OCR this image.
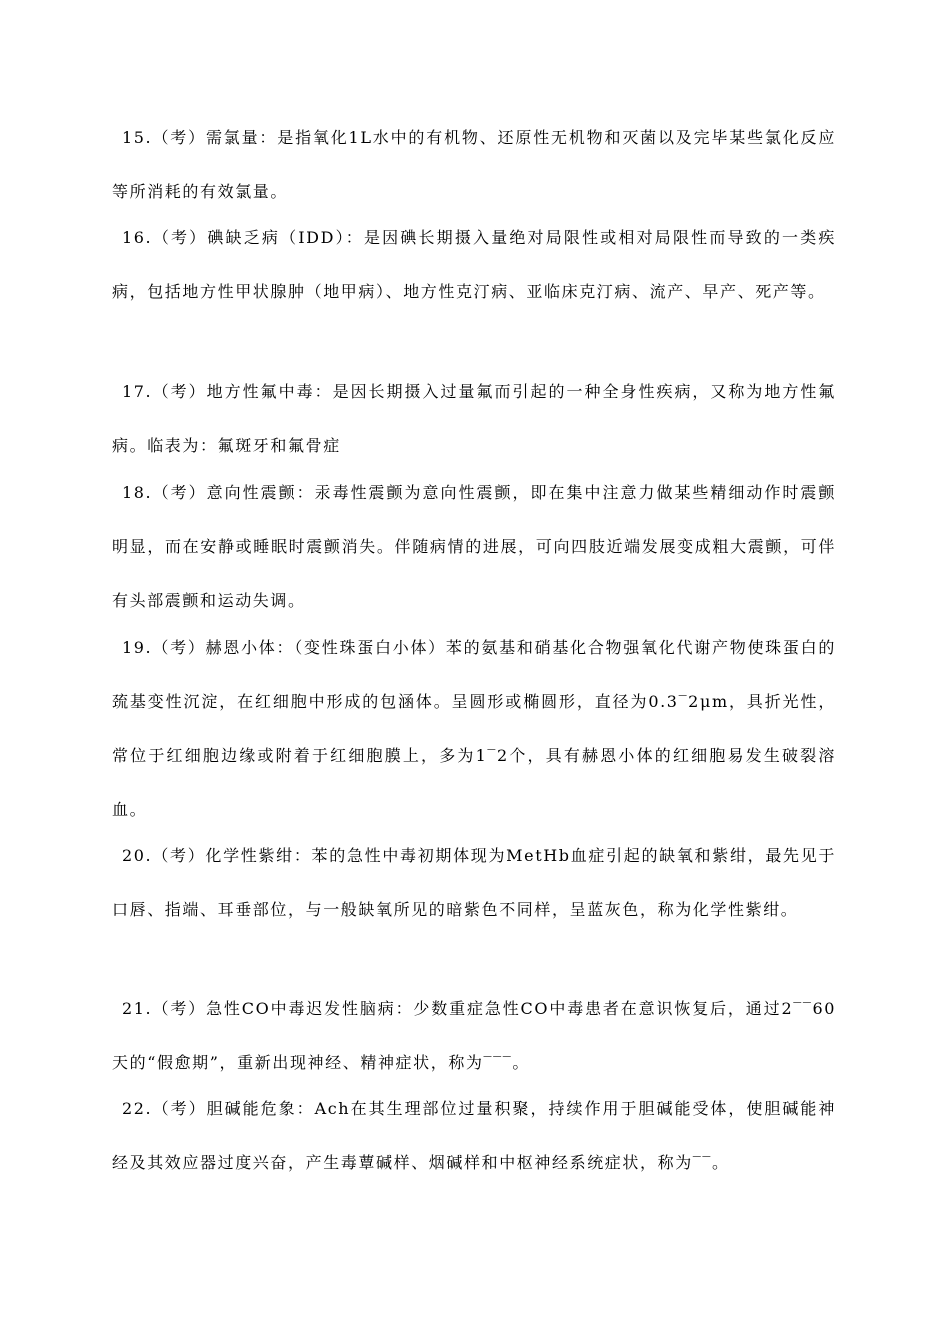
15.（考）需氯量：是指氧化1L水中的有机物、还原性无机物和灭菌以及完毕某些氯化反应等所消耗的有效氯量。

16.（考）碘缺乏病（IDD）：是因碘长期摄入量绝对局限性或相对局限性而导致的一类疾病，包括地方性甲状腺肿（地甲病）、地方性克汀病、亚临床克汀病、流产、早产、死产等。

17.（考）地方性氟中毒：是因长期摄入过量氟而引起的一种全身性疾病，又称为地方性氟病。临表为：氟斑牙和氟骨症

18.（考）意向性震颤：汞毒性震颤为意向性震颤，即在集中注意力做某些精细动作时震颤明显，而在安静或睡眠时震颤消失。伴随病情的进展，可向四肢近端发展变成粗大震颤，可伴有头部震颤和运动失调。

19.（考）赫恩小体：（变性珠蛋白小体）苯的氨基和硝基化合物强氧化代谢产物使珠蛋白的巯基变性沉淀，在红细胞中形成的包涵体。呈圆形或椭圆形，直径为0.3‾2μm，具折光性，常位于红细胞边缘或附着于红细胞膜上，多为1‾2个，具有赫恩小体的红细胞易发生破裂溶血。

20.（考）化学性紫绀：苯的急性中毒初期体现为MetHb血症引起的缺氧和紫绀，最先见于口唇、指端、耳垂部位，与一般缺氧所见的暗紫色不同样，呈蓝灰色，称为化学性紫绀。

21.（考）急性CO中毒迟发性脑病：少数重症急性CO中毒患者在意识恢复后，通过2‾‾60天的“假愈期”，重新出现神经、精神症状，称为‾‾‾。

22.（考）胆碱能危象：Ach在其生理部位过量积聚，持续作用于胆碱能受体，使胆碱能神经及其效应器过度兴奋，产生毒蕈碱样、烟碱样和中枢神经系统症状，称为‾‾。
